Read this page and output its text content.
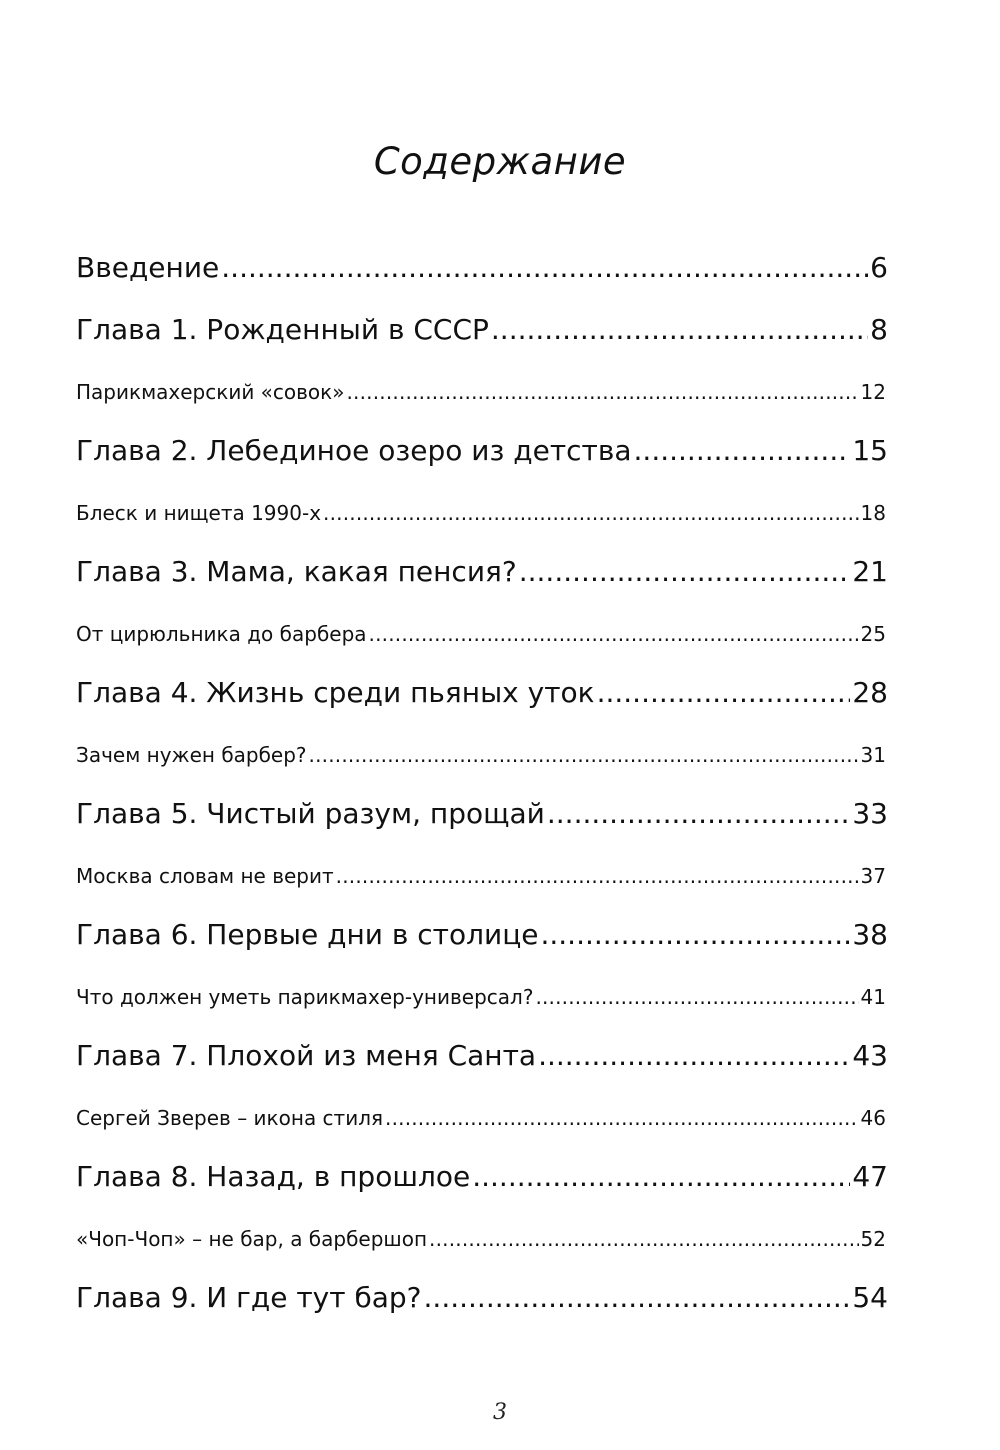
Содержание
Введение .....	6
Глава 1. Рожденный в СССР .....	8
Парикмахерский «совок» .....	12
Глава 2. Лебединое озеро из детства .....	15
Блеск и нищета 1990-х .....	18
Глава 3. Мама, какая пенсия? .....	21
От цирюльника до барбера .....	25
Глава 4. Жизнь среди пьяных уток .....	28
Зачем нужен барбер? .....	31
Глава 5. Чистый разум, прощай .....	33
Москва словам не верит .....	37
Глава 6. Первые дни в столице .....	38
Что должен уметь парикмахер-универсал? .....	41
Глава 7. Плохой из меня Санта .....	43
Сергей Зверев – икона стиля .....	46
Глава 8. Назад, в прошлое .....	47
«Чоп-Чоп» – не бар, а барбершоп .....	52
Глава 9. И где тут бар? .....	54
3
